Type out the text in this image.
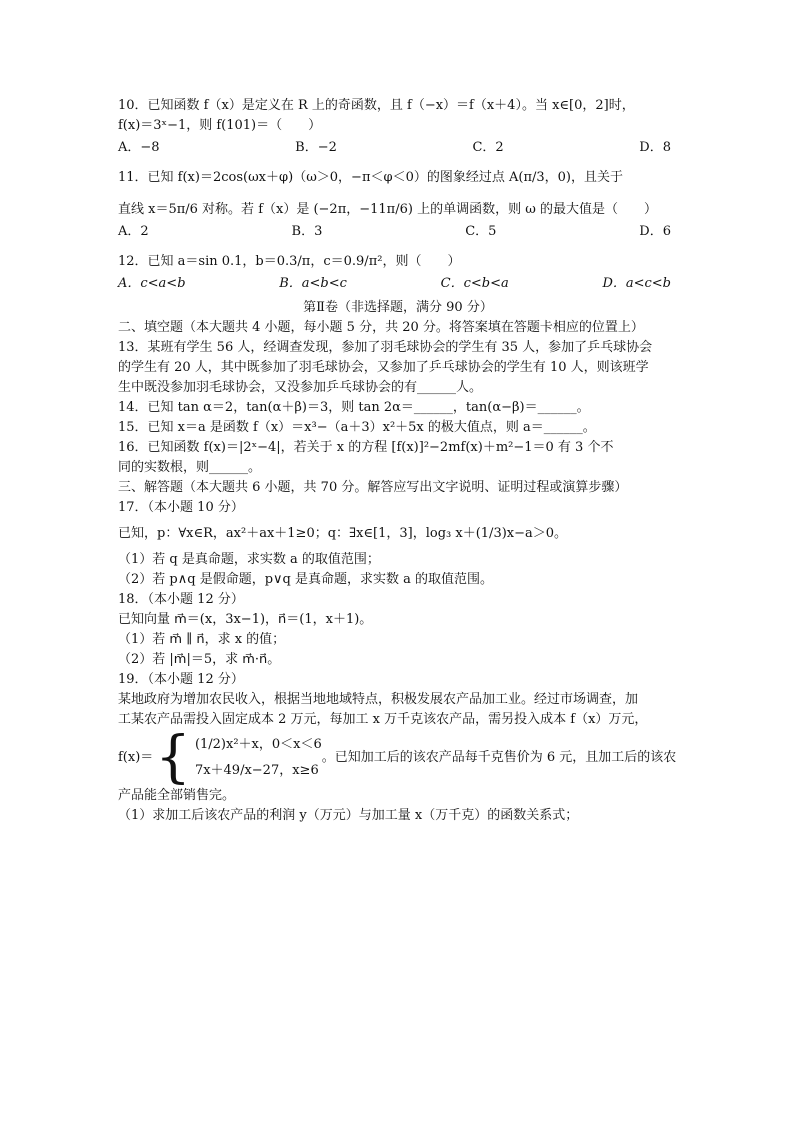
10．已知函数 f（x）是定义在 R 上的奇函数，且 f（−x）＝f（x＋4）。当 x∈[0，2]时，
f(x)＝3ˣ−1，则 f(101)＝（　　）
A．−8	B．−2	C．2	D．8
11．已知 f(x)＝2cos(ωx＋φ)（ω＞0，−π＜φ＜0）的图象经过点 A(π/3，0)，且关于
直线 x＝5π/6 对称。若 f（x）是 (−2π，−11π/6) 上的单调函数，则 ω 的最大值是（　　）
A．2	B．3	C．5	D．6
12．已知 a＝sin 0.1，b＝0.3/π，c＝0.9/π²，则（　　）
A．c<a<b	B．a<b<c	C．c<b<a	D．a<c<b
第Ⅱ卷（非选择题，满分 90 分）
二、填空题（本大题共 4 小题，每小题 5 分，共 20 分。将答案填在答题卡相应的位置上）
13．某班有学生 56 人，经调查发现，参加了羽毛球协会的学生有 35 人，参加了乒乓球协会
的学生有 20 人，其中既参加了羽毛球协会，又参加了乒乓球协会的学生有 10 人，则该班学
生中既没参加羽毛球协会，又没参加乒乓球协会的有______人。
14．已知 tan α＝2，tan(α＋β)＝3，则 tan 2α＝______，tan(α−β)＝______。
15．已知 x＝a 是函数 f（x）＝x³−（a＋3）x²＋5x 的极大值点，则 a＝______。
16．已知函数 f(x)＝|2ˣ−4|，若关于 x 的方程 [f(x)]²−2mf(x)＋m²−1＝0 有 3 个不
同的实数根，则______。
三、解答题（本大题共 6 小题，共 70 分。解答应写出文字说明、证明过程或演算步骤）
17．（本小题 10 分）
已知，p：∀x∈R，ax²＋ax＋1≥0；q：∃x∈[1，3]，log₃ x＋(1/3)x−a＞0。
（1）若 q 是真命题，求实数 a 的取值范围；
（2）若 p∧q 是假命题，p∨q 是真命题，求实数 a 的取值范围。
18．（本小题 12 分）
已知向量 m⃗＝(x，3x−1)，n⃗＝(1，x＋1)。
（1）若 m⃗ ∥ n⃗，求 x 的值；
（2）若 |m⃗|＝5，求 m⃗·n⃗。
19．（本小题 12 分）
某地政府为增加农民收入，根据当地地域特点，积极发展农产品加工业。经过市场调查，加
工某农产品需投入固定成本 2 万元，每加工 x 万千克该农产品，需另投入成本 f（x）万元，
f(x)＝ { (1/2)x²＋x，0＜x＜6
7x＋49/x−27，x≥6
。已知加工后的该农产品每千克售价为 6 元，且加工后的该农
产品能全部销售完。
（1）求加工后该农产品的利润 y（万元）与加工量 x（万千克）的函数关系式；
